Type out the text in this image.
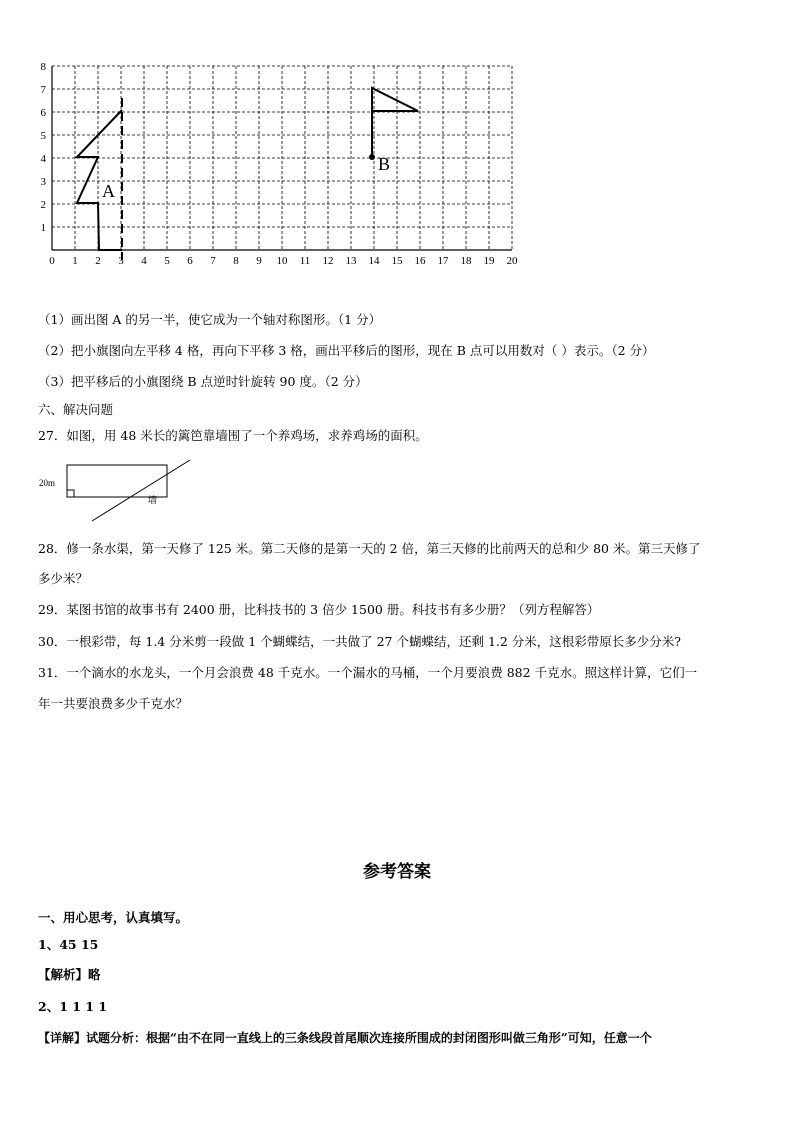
0 1 2 3 4 5 6 7 8 9 10 11 12 13 14 15 16 17 18 19 20
1
2
3
4
5
6
7
8
A
B
（1）画出图 A 的另一半，使它成为一个轴对称图形。（1 分）
（2）把小旗图向左平移 4 格，再向下平移 3 格，画出平移后的图形，现在 B 点可以用数对（ ）表示。（2 分）
（3）把平移后的小旗图绕 B 点逆时针旋转 90 度。（2 分）
六、解决问题
27．如图，用 48 米长的篱笆靠墙围了一个养鸡场，求养鸡场的面积。
20m
墙
28．修一条水渠，第一天修了 125 米。第二天修的是第一天的 2 倍，第三天修的比前两天的总和少 80 米。第三天修了
多少米？
29．某图书馆的故事书有 2400 册，比科技书的 3 倍少 1500 册。科技书有多少册？（列方程解答）
30．一根彩带，每 1.4 分米剪一段做 1 个蝴蝶结，一共做了 27 个蝴蝶结，还剩 1.2 分米，这根彩带原长多少分米?
31．一个滴水的水龙头，一个月会浪费 48 千克水。一个漏水的马桶，一个月要浪费 882 千克水。照这样计算，它们一
年一共要浪费多少千克水？
参考答案
一、用心思考，认真填写。
1、45 15
【解析】略
2、1 1 1 1
【详解】试题分析：根据“由不在同一直线上的三条线段首尾顺次连接所围成的封闭图形叫做三角形”可知，任意一个
